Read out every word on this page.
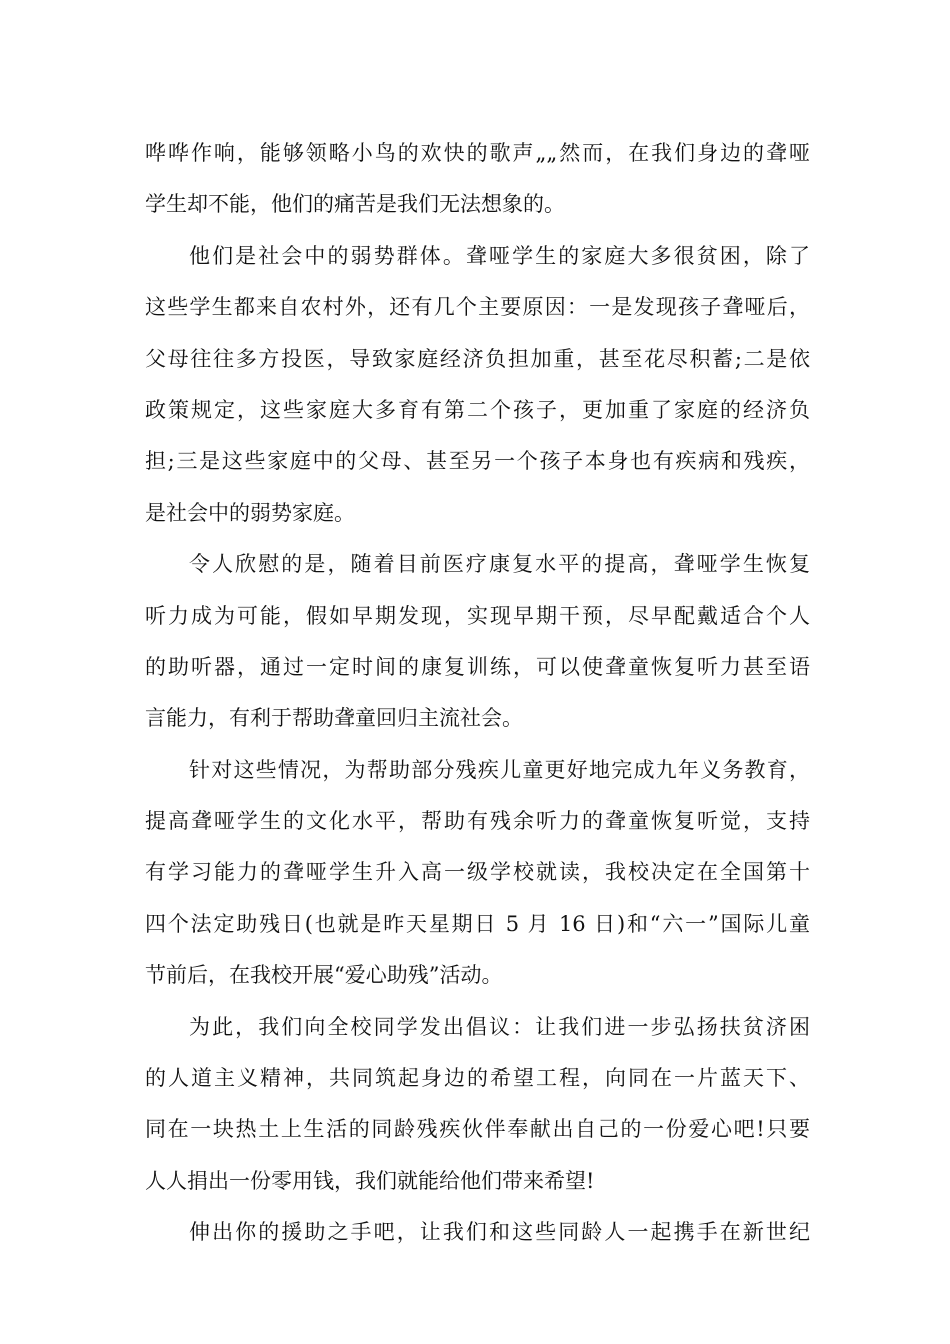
哗哗作响，能够领略小鸟的欢快的歌声„„然而，在我们身边的聋哑
学生却不能，他们的痛苦是我们无法想象的。
他们是社会中的弱势群体。聋哑学生的家庭大多很贫困，除了
这些学生都来自农村外，还有几个主要原因：一是发现孩子聋哑后，
父母往往多方投医，导致家庭经济负担加重，甚至花尽积蓄;二是依
政策规定，这些家庭大多育有第二个孩子，更加重了家庭的经济负
担;三是这些家庭中的父母、甚至另一个孩子本身也有疾病和残疾，
是社会中的弱势家庭。
令人欣慰的是，随着目前医疗康复水平的提高，聋哑学生恢复
听力成为可能，假如早期发现，实现早期干预，尽早配戴适合个人
的助听器，通过一定时间的康复训练，可以使聋童恢复听力甚至语
言能力，有利于帮助聋童回归主流社会。
针对这些情况，为帮助部分残疾儿童更好地完成九年义务教育，
提高聋哑学生的文化水平，帮助有残余听力的聋童恢复听觉，支持
有学习能力的聋哑学生升入高一级学校就读，我校决定在全国第十
四个法定助残日(也就是昨天星期日 5 月 16 日)和“六一”国际儿童
节前后，在我校开展“爱心助残”活动。
为此，我们向全校同学发出倡议：让我们进一步弘扬扶贫济困
的人道主义精神，共同筑起身边的希望工程，向同在一片蓝天下、
同在一块热土上生活的同龄残疾伙伴奉献出自己的一份爱心吧!只要
人人捐出一份零用钱，我们就能给他们带来希望!
伸出你的援助之手吧，让我们和这些同龄人一起携手在新世纪
